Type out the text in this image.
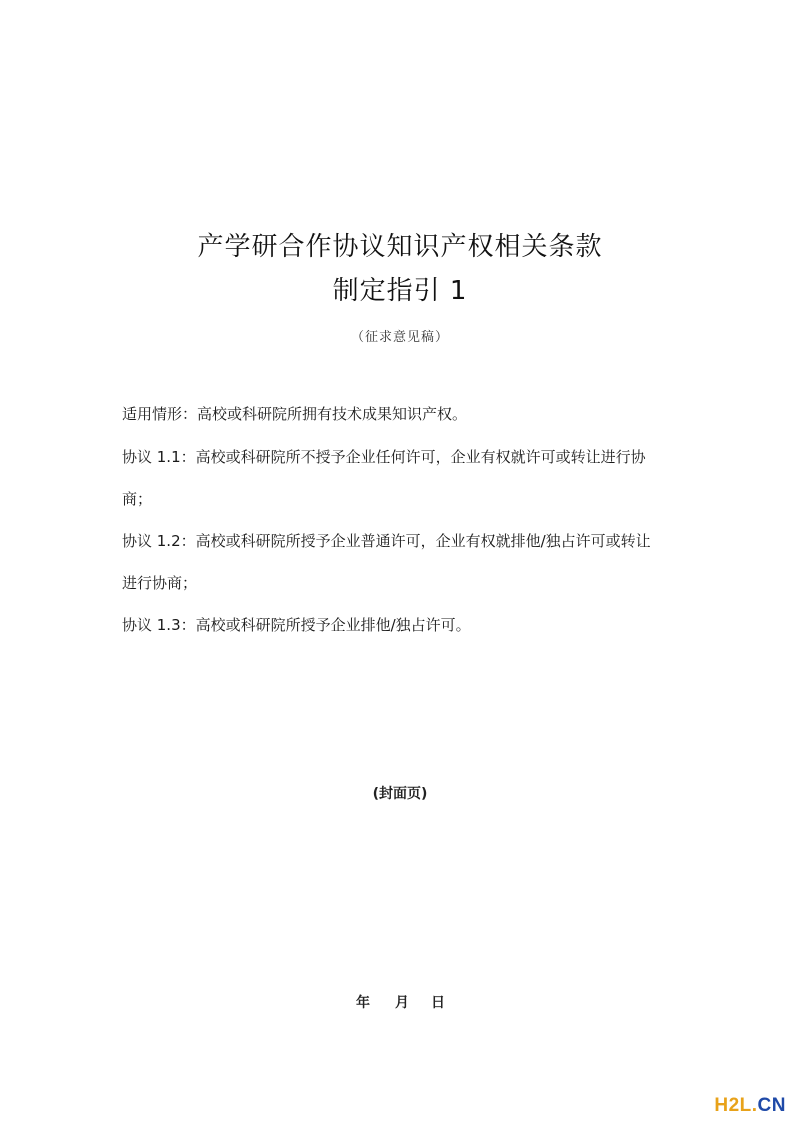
产学研合作协议知识产权相关条款
制定指引 1
（征求意见稿）
适用情形：高校或科研院所拥有技术成果知识产权。
协议 1.1：高校或科研院所不授予企业任何许可，企业有权就许可或转让进行协
商；
协议 1.2：高校或科研院所授予企业普通许可，企业有权就排他/独占许可或转让
进行协商；
协议 1.3：高校或科研院所授予企业排他/独占许可。
(封面页)
年 月 日
H2L.CN
